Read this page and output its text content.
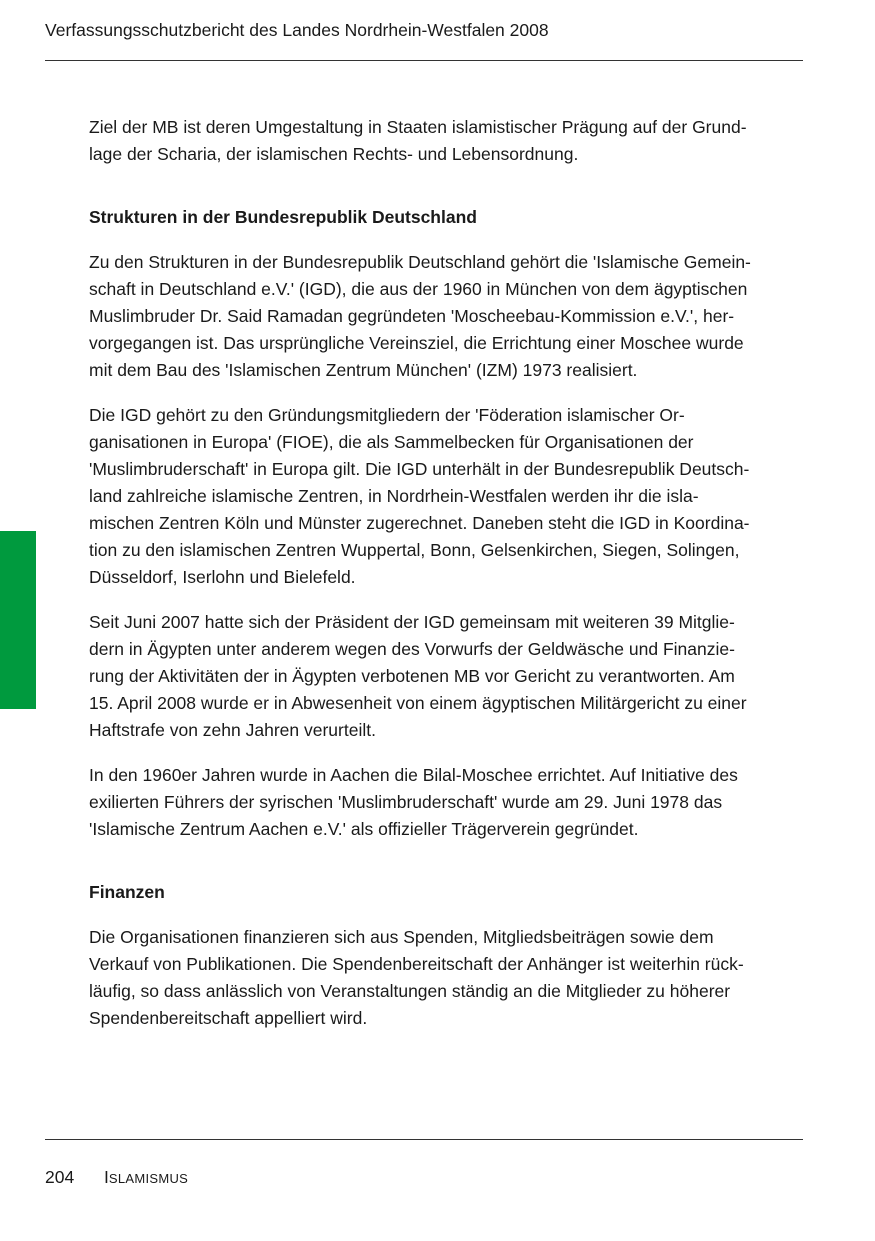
Verfassungsschutzbericht des Landes Nordrhein-Westfalen 2008

Ziel der MB ist deren Umgestaltung in Staaten islamistischer Prägung auf der Grund-
lage der Scharia, der islamischen Rechts- und Lebensordnung.

Strukturen in der Bundesrepublik Deutschland

Zu den Strukturen in der Bundesrepublik Deutschland gehört die 'Islamische Gemein-
schaft in Deutschland e.V.' (IGD), die aus der 1960 in München von dem ägyptischen
Muslimbruder Dr. Said Ramadan gegründeten 'Moscheebau-Kommission e.V.', her-
vorgegangen ist. Das ursprüngliche Vereinsziel, die Errichtung einer Moschee wurde
mit dem Bau des 'Islamischen Zentrum München' (IZM) 1973 realisiert.

Die IGD gehört zu den Gründungsmitgliedern der 'Föderation islamischer Or-
ganisationen in Europa' (FIOE), die als Sammelbecken für Organisationen der
'Muslimbruderschaft' in Europa gilt. Die IGD unterhält in der Bundesrepublik Deutsch-
land zahlreiche islamische Zentren, in Nordrhein-Westfalen werden ihr die isla-
mischen Zentren Köln und Münster zugerechnet. Daneben steht die IGD in Koordina-
tion zu den islamischen Zentren Wuppertal, Bonn, Gelsenkirchen, Siegen, Solingen,
Düsseldorf, Iserlohn und Bielefeld.

Seit Juni 2007 hatte sich der Präsident der IGD gemeinsam mit weiteren 39 Mitglie-
dern in Ägypten unter anderem wegen des Vorwurfs der Geldwäsche und Finanzie-
rung der Aktivitäten der in Ägypten verbotenen MB vor Gericht zu verantworten. Am
15. April 2008 wurde er in Abwesenheit von einem ägyptischen Militärgericht zu einer
Haftstrafe von zehn Jahren verurteilt.

In den 1960er Jahren wurde in Aachen die Bilal-Moschee errichtet. Auf Initiative des
exilierten Führers der syrischen 'Muslimbruderschaft' wurde am 29. Juni 1978 das
'Islamische Zentrum Aachen e.V.' als offizieller Trägerverein gegründet.

Finanzen

Die Organisationen finanzieren sich aus Spenden, Mitgliedsbeiträgen sowie dem
Verkauf von Publikationen. Die Spendenbereitschaft der Anhänger ist weiterhin rück-
läufig, so dass anlässlich von Veranstaltungen ständig an die Mitglieder zu höherer
Spendenbereitschaft appelliert wird.

204 ISLAMISMUS
